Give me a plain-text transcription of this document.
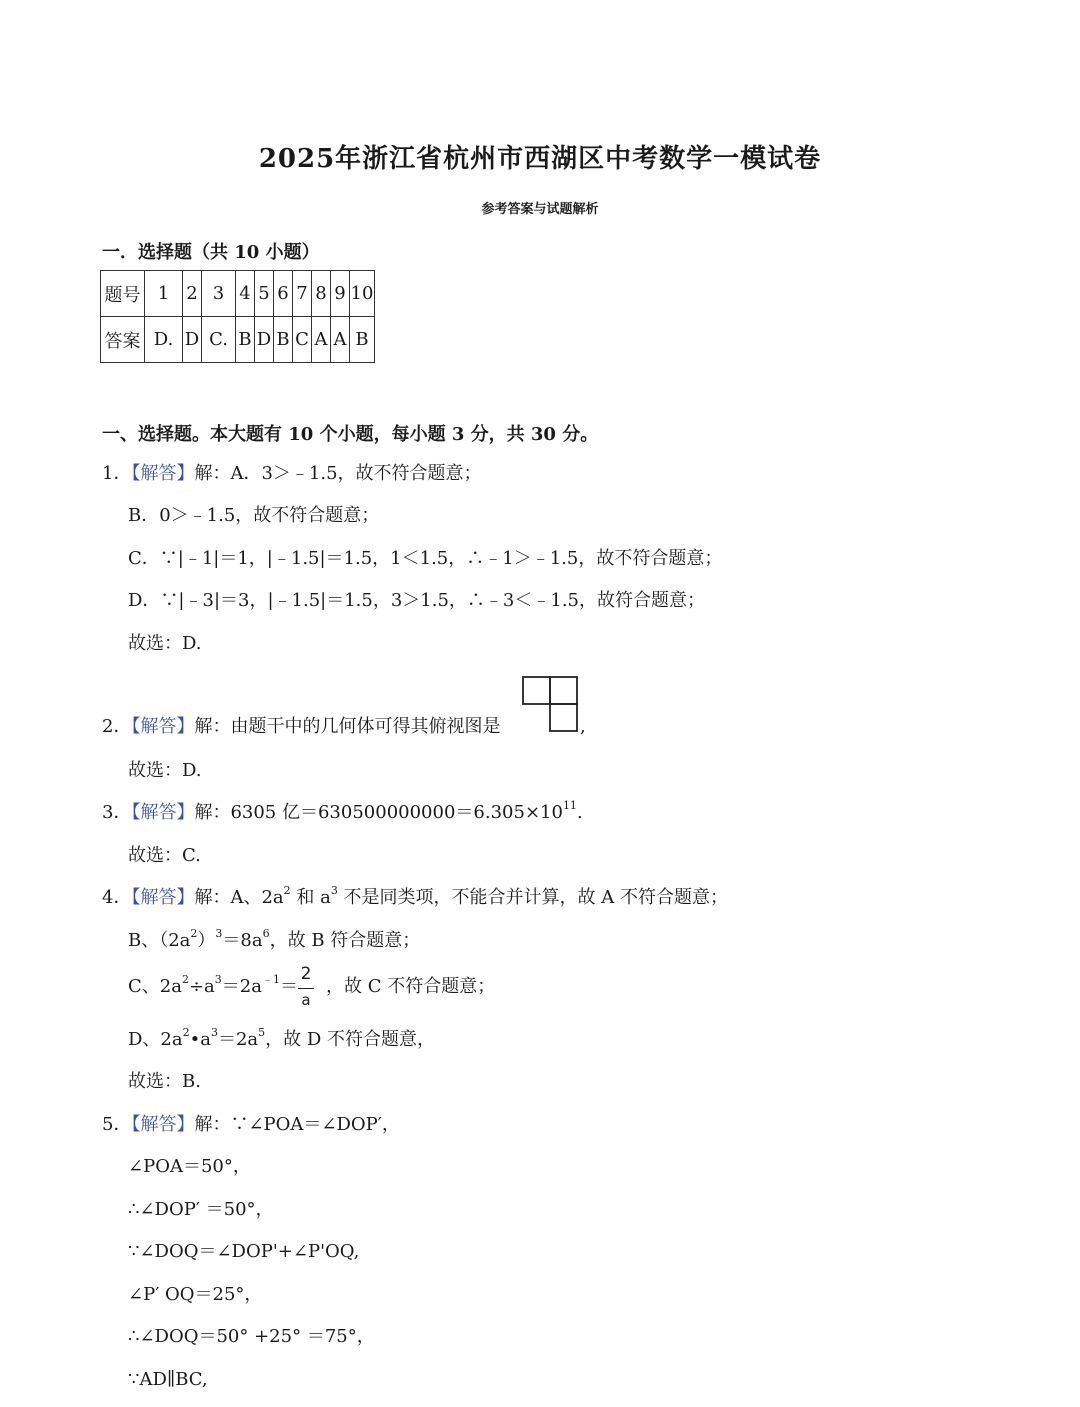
2025年浙江省杭州市西湖区中考数学一模试卷
参考答案与试题解析
一．选择题（共 10 小题）
题号	1	2	3	4	5	6	7	8	9	10
答案	D.	D	C.	B	D	B	C	A	A	B
一、选择题。本大题有 10 个小题，每小题 3 分，共 30 分。
1．【解答】解：A．3＞﹣1.5，故不符合题意；
B．0＞﹣1.5，故不符合题意；
C．∵|﹣1|＝1，|﹣1.5|＝1.5，1＜1.5，∴﹣1＞﹣1.5，故不符合题意；
D．∵|﹣3|＝3，|﹣1.5|＝1.5，3＞1.5，∴﹣3＜﹣1.5，故符合题意；
故选：D.
2．【解答】解：由题干中的几何体可得其俯视图是	,
故选：D.
3．【解答】解：6305 亿$=630500000000=6.305\times 10^{11}$.
故选：C.
4．【解答】解：A、$2a^2$ 和 $a^3$ 不是同类项，不能合并计算，故 A 不符合题意；
B、$(2a^2)^3=8a^6$，故 B 符合题意；
C、$2a^2\div a^3=2a^{﹣1}=$ ，故 C 不符合题意；
2
a
D、$2a^2•a^3=2a^5$，故 D 不符合题意，
故选：B.
5．【解答】解：∵∠POA＝∠DOP′，
∠POA＝50°，
∴∠DOP′ ＝50°，
∵∠DOQ＝∠DOP'+∠P'OQ,
∠P′ OQ＝25°，
∴∠DOQ＝50° +25° ＝75°，
∵AD∥BC,
